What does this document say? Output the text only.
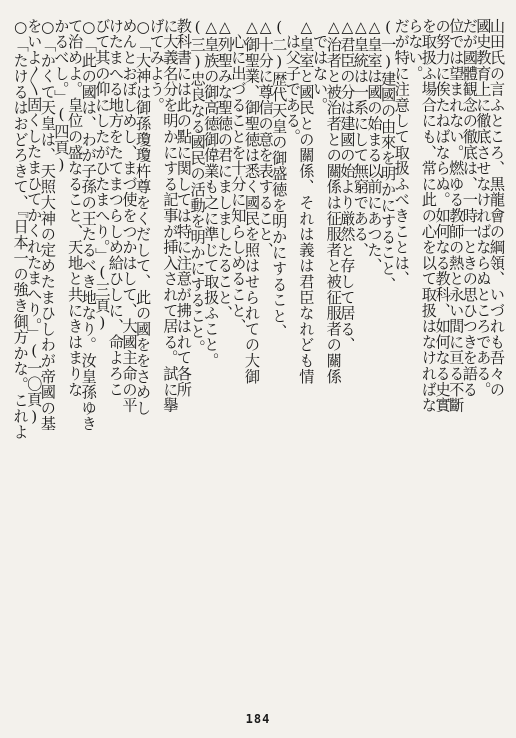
山田氏の言ふところ、黒龍會の綱領、いづれも吾々の
國史教育上に徹底させなければならぬところである。
だが國體観念の徹底は、一時一ときの思ひつきを語る
位では望まれない。燃ゆる教師の熱と永い間に亘る不斷
の努力に俟たねばならぬ。如何なる教科、如何なる史實
を取扱ふ場合にも、常に此の心を以て取扱はなければな
らない。
だが特に注意して取扱ふべきことは、
(一)建國の由來を明かにすること、
△皇室は國の始まる以前にあつた、
△皇統は一系にして無窮である、
△君臣の分は建國の始より厳然と存して居る、
△治者と被治者との關係は征服者と被征服者の關係
　ではない。
△皇室と國民との關係、それは義は君臣なれども情
　は父子である。
(二)歴代天皇の御盛徳を明かにすること、
△十分に尊信の意を表すること、
△御聖業、御聖徳は悉く國民を照はせられての大御
　心に出づることを十分に知らしめること、
△列聖みな聖徳の君にましましたること、
△皇族の御高徳御偉業も之に準じて取扱ふこと。
(三)忠良なる國民の活動を明かにすること。
教科書には此の點に関しては特に注意が拂はれて各所
に大義名分を明かにする記事が挿入されて居る。試に擧
げてみよう。
○「大神は御孫瓊瓊杵尊をくだして、此の國ををさめし
めんとおぼしめし、まづ使をつかはして、大國主命の平
けたまへる地方をたてまつらしめ給ひしに、命よろこ
びて其の仰にしたがひたまへり。」(三頁)
○「此の國は、わが子孫の王たるべき地なり。汝皇孫ゆき
て治めよ。皇位の盛なること、天地と共にきはまりな
かるべし。」(四頁)
○「かくて天皇は、天照大神の定めたまひしわが帝國の基
をいよ〳〵固くしたまひてかくれたまへり。」(一〇頁)
○「たけるはおどろきて、『日本一の強き御方かな。これよ
184
